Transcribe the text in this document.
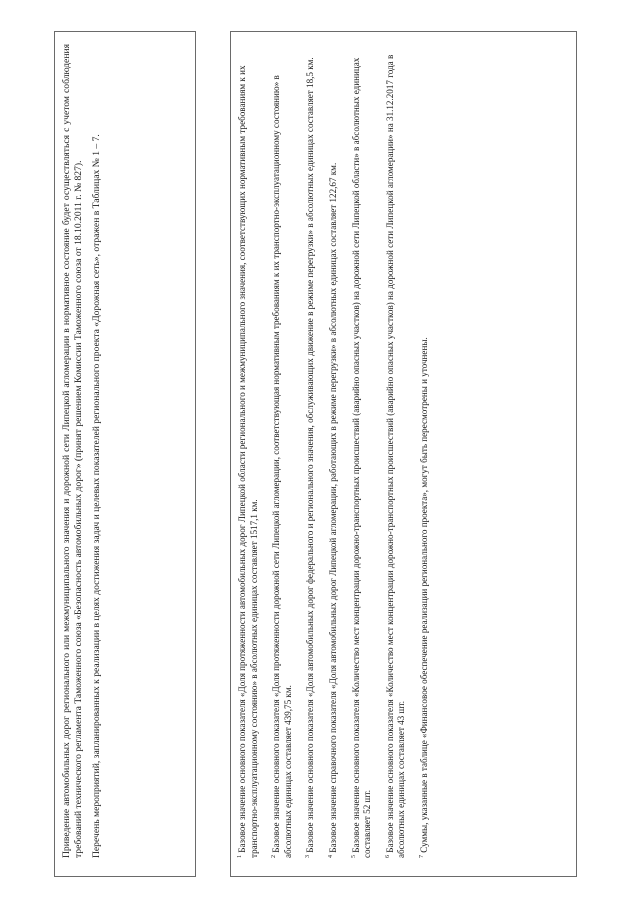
Приведение автомобильных дорог регионального или межмуниципального значения и дорожной сети Липецкой агломерации в нормативное состояние будет осуществляться с учетом соблюдения требований технического регламента Таможенного союза «Безопасность автомобильных дорог» (принят решением Комиссии Таможенного союза от 18.10.2011 г. № 827). Перечень мероприятий, запланированных к реализации в целях достижения задач и целевых показателей регионального проекта «Дорожная сеть», отражен в Таблицах № 1 – 7.	$^1$ Базовое значение основного показателя «Доля протяженности автомобильных дорог Липецкой области регионального и межмуниципального значения, соответствующих нормативным требованиям к их транспортно-эксплуатационному состоянию» в абсолютных единицах составляет 1517,1 км. $^2$ Базовое значение основного показателя «Доля протяженности дорожной сети Липецкой агломерации, соответствующая нормативным требованиям к их транспортно-эксплуатационному состоянию» в абсолютных единицах составляет 439,75 км. $^3$ Базовое значение основного показателя «Доля автомобильных дорог федерального и регионального значения, обслуживающих движение в режиме перегрузки» в абсолютных единицах составляет 18,5 км.

$^4$ Базовое значение справочного показателя «Доля автомобильных дорог Липецкой агломерации, работающих в режиме перегрузки» в абсолютных единицах составляет 122,67 км.

$^5$ Базовое значение основного показателя «Количество мест концентрации дорожно-транспортных происшествий (аварийно опасных участков) на дорожной сети Липецкой области» в абсолютных единицах составляет 52 шт. $^6$ Базовое значение основного показателя «Количество мест концентрации дорожно-транспортных происшествий (аварийно опасных участков) на дорожной сети Липецкой агломерации» на 31.12.2017 года в абсолютных единицах составляет 43 шт. $^7$ Суммы, указанные в таблице «Финансовое обеспечение реализации регионального проекта», могут быть пересмотрены и уточнены.
